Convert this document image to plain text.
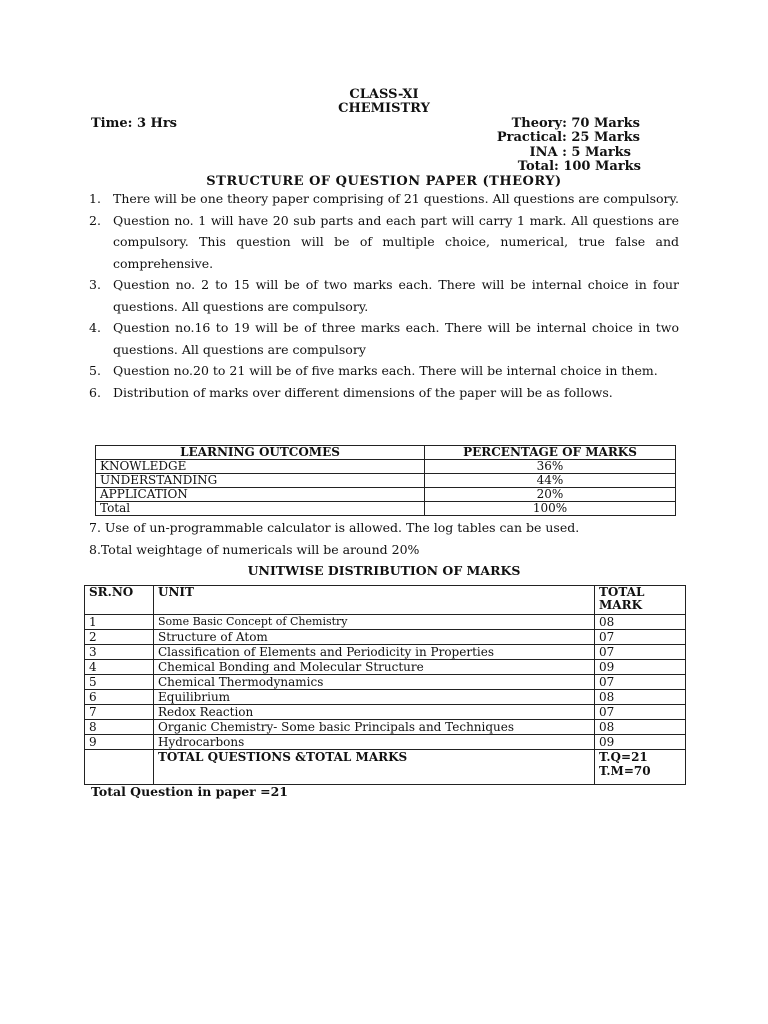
CLASS-XI
CHEMISTRY
Time: 3 Hrs	Theory: 70 Marks
Practical: 25 Marks
INA : 5 Marks
Total: 100 Marks
STRUCTURE OF QUESTION PAPER (THEORY)
1. There will be one theory paper comprising of 21 questions. All questions are compulsory.
2. Question no. 1 will have 20 sub parts and each part will carry 1 mark. All questions are compulsory. This question will be of multiple choice, numerical, true false and comprehensive.
3. Question no. 2 to 15 will be of two marks each. There will be internal choice in four questions. All questions are compulsory.
4. Question no.16 to 19 will be of three marks each. There will be internal choice in two questions. All questions are compulsory
5. Question no.20 to 21 will be of five marks each. There will be internal choice in them.
6. Distribution of marks over different dimensions of the paper will be as follows.
LEARNING OUTCOMES	PERCENTAGE OF MARKS
KNOWLEDGE	36%
UNDERSTANDING	44%
APPLICATION	20%
Total	100%
7. Use of un-programmable calculator is allowed. The log tables can be used.
8.Total weightage of numericals will be around 20%
UNITWISE DISTRIBUTION OF MARKS
SR.NO	UNIT	TOTAL MARK
1	Some Basic Concept of Chemistry	08
2	Structure of Atom	07
3	Classification of Elements and Periodicity in Properties	07
4	Chemical Bonding and Molecular Structure	09
5	Chemical Thermodynamics	07
6	Equilibrium	08
7	Redox Reaction	07
8	Organic Chemistry- Some basic Principals and Techniques	08
9	Hydrocarbons	09
	TOTAL QUESTIONS &TOTAL MARKS	T.Q=21
T.M=70
Total Question in paper =21
